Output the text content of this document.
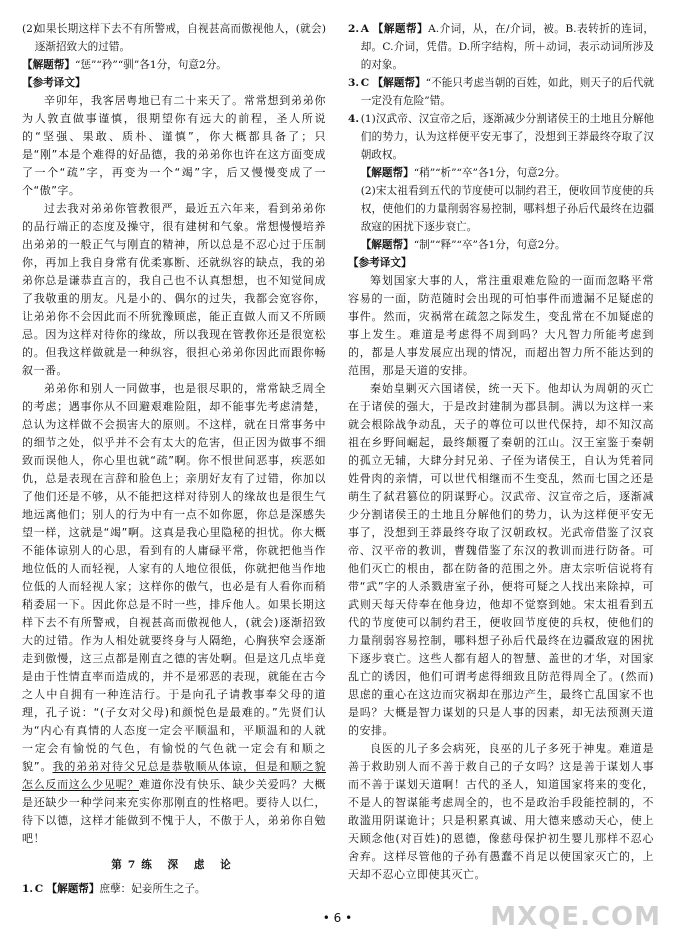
(2)如果长期这样下去不有所警戒，自视甚高而傲视他人，(就会)逐渐招致大的过错。

【解题帮】“惩”“矜”“驯”各1分，句意2分。

【参考译文】

辛卯年，我客居粤地已有二十来天了。常常想到弟弟你为人敦直做事谨慎，很期望你有远大的前程，圣人所说的“坚强、果敢、质朴、谨慎”，你大概都具备了；只是“刚”本是个难得的好品德，我的弟弟你也许在这方面变成了一个“疏”字，再变为一个“竭”字，后又慢慢变成了一个“傲”字。

过去我对弟弟你管教很严，最近五六年来，看到弟弟你的品行端正的态度及操守，很有建树和气象。常想慢慢培养出弟弟的一般正气与刚直的精神，所以总是不忍心过于压制你，再加上我自身常有优柔寡断、还就纵容的缺点，我的弟弟你总是谦恭直言的，我自己也不认真想想，也不知觉间成了我敬重的朋友。凡是小的、偶尔的过失，我都会宽容你，让弟弟你不会因此而不所犹豫顾虑，能正直做人而又不所顾忌。因为这样对待你的缘故，所以我现在管教你还是很宽松的。但我这样做就是一种纵容，很担心弟弟你因此而跟你畅叙一番。

弟弟你和别人一同做事，也是很尽职的，常常缺乏周全的考虑；遇事你从不回避艰难险阻，却不能事先考虑清楚，总认为这样做不会损害大的原则。不这样，就在日常事务中的细节之处，似乎并不会有太大的危害，但正因为做事不细致而误他人，你心里也就“疏”啊。你不恨世间恶事，疾恶如仇，总是表现在言辞和脸色上；亲朋好友有了过错，你加以了他们还是不够，从不能把这样对待别人的缘故也是很生气地远离他们；别人的行为中有一点不如你愿，你总是深感失望一样，这就是“竭”啊。这真是我心里隐秘的担忧。你大概不能体谅别人的心思，看到有的人庸碌平常，你就把他当作地位低的人而轻视，人家有的人地位很低，你就把他当作地位低的人而轻视人家；这样你的傲气，也必是有人看你而稍稍委屈一下。因此你总是不时一些，排斥他人。如果长期这样下去不有所警戒，自视甚高而傲视他人，(就会)逐渐招致大的过错。作为人相处就要终身与人隔绝，心胸狭窄会逐渐走到傲慢，这三点都是刚直之德的害处啊。但是这几点毕竟是由于性情直率而造成的，并不是邪恶的表现，就能在古今之人中自拥有一种连洁行。于是向孔子请教事奉父母的道理，孔子说：“(子女对父母)和颜悦色是最难的。”先贤们认为“内心有真情的人态度一定会平顺温和，平顺温和的人就一定会有愉悦的气色，有愉悦的气色就一定会有和顺之貌”。我的弟弟对待父兄总是恭敬顺从体谅，但是和顺之貌怎么反而这么少见呢？难道你没有快乐、缺少关爱吗？大概是还缺少一种学问来充实你那刚直的性格吧。要待人以仁，待下以德，这样才能做到不愧于人，不傲于人，弟弟你自勉吧！

第7练 深 虑 论

1. C 【解题帮】庶孽：妃妾所生之子。

2. A 【解题帮】A.介词，从，在/介词，被。B.表转折的连词，却。C.介词，凭借。D.所字结构，所＋动词，表示动词所涉及的对象。

3. C 【解题帮】“不能只考虑当朝的百姓，如此，则天子的后代就一定没有危险”错。

4. (1)汉武帝、汉宣帝之后，逐渐减少分割诸侯王的土地且分解他们的势力，认为这样便平安无事了，没想到王莽最终夺取了汉朝政权。

【解题帮】“稍”“析”“卒”各1分，句意2分。

(2)宋太祖看到五代的节度使可以制约君王，便收回节度使的兵权，使他们的力量削弱容易控制，哪料想子孙后代最终在边疆敌寇的困扰下逐步衰亡。

【解题帮】“制”“释”“卒”各1分，句意2分。

【参考译文】

筹划国家大事的人，常注重艰难危险的一面而忽略平常容易的一面，防范随时会出现的可怕事件而遗漏不足疑虑的事件。然而，灾祸常在疏忽之际发生，变乱常在不加疑虑的事上发生。难道是考虑得不周到吗？大凡智力所能考虑到的，都是人事发展应出现的情况，而超出智力所不能达到的范围，那是天道的安排。

秦始皇剿灭六国诸侯，统一天下。他却认为周朝的灭亡在于诸侯的强大，于是改封建制为郡县制。满以为这样一来就会根除战争动乱，天子的尊位可以世代保持，却不知汉高祖在乡野间崛起，最终颠覆了秦朝的江山。汉王室鉴于秦朝的孤立无辅，大肆分封兄弟、子侄为诸侯王，自认为凭着同姓骨肉的亲情，可以世代相继而不生变乱，然而七国之还是萌生了弑君篡位的阴谋野心。汉武帝、汉宣帝之后，逐渐减少分割诸侯王的土地且分解他们的势力，认为这样便平安无事了，没想到王莽最终夺取了汉朝政权。光武帝借鉴了汉哀帝、汉平帝的教训，曹魏借鉴了东汉的教训而进行防备。可他们灭亡的根由，都在防备的范围之外。唐太宗听信说将有带“武”字的人杀戮唐室子孙，便将可疑之人找出来除掉，可武则天每天侍奉在他身边，他却不觉察到她。宋太祖看到五代的节度使可以制约君王，便收回节度使的兵权，使他们的力量削弱容易控制，哪料想子孙后代最终在边疆敌寇的困扰下逐步衰亡。这些人都有超人的智慧、盖世的才华，对国家乱亡的诱因，他们可谓考虑得细致且防范得周全了。(然而)思虑的重心在这边而灾祸却在那边产生，最终亡乱国家不也是吗？大概是智力谋划的只是人事的因素，却无法预测天道的安排。

良医的儿子多会病死，良巫的儿子多死于神鬼。难道是善于救助别人而不善于救自己的子女吗？这是善于谋划人事而不善于谋划天道啊！古代的圣人，知道国家将来的变化，不是人的智谋能考虑周全的，也不是政治手段能控制的，不敢滥用阴谋诡计；只是积累真诚、用大德来感动天心，使上天顾念他(对百姓)的恩德，像慈母保护初生婴儿那样不忍心舍弃。这样尽管他的子孙有愚蠢不肖足以使国家灭亡的，上天却不忍心立即使其灭亡。

• 6 •	MXQE.COM
